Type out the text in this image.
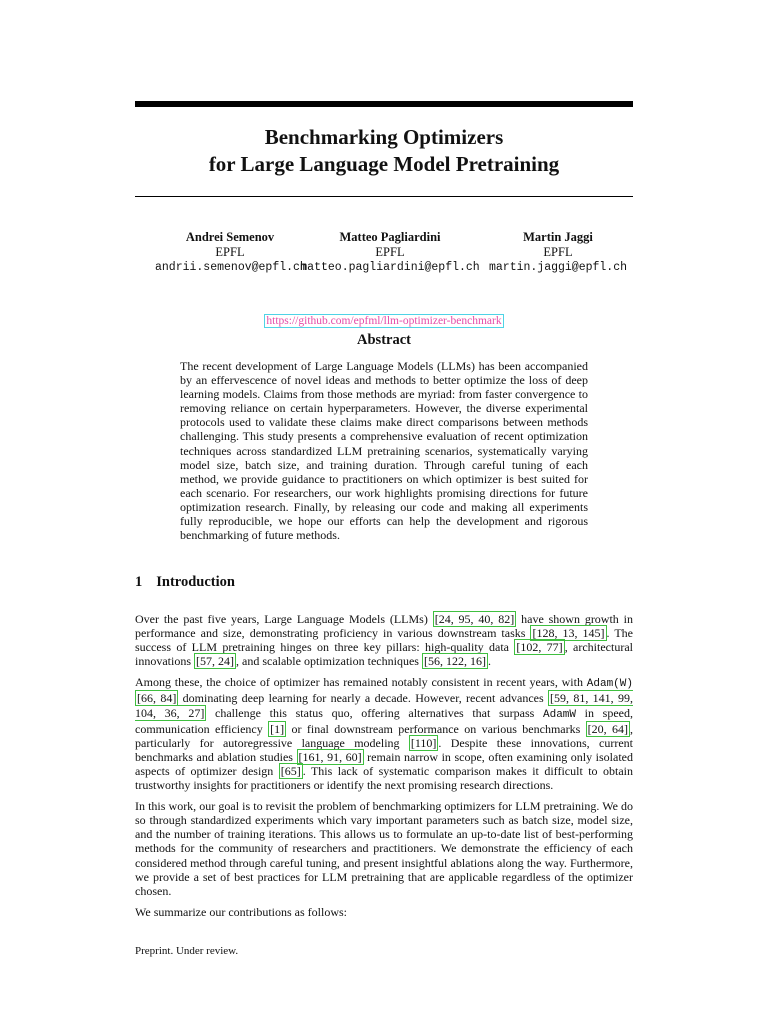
Benchmarking Optimizers
for Large Language Model Pretraining
Andrei Semenov
EPFL
andrii.semenov@epfl.ch
Matteo Pagliardini
EPFL
matteo.pagliardini@epfl.ch
Martin Jaggi
EPFL
martin.jaggi@epfl.ch
https://github.com/epfml/llm-optimizer-benchmark
Abstract
The recent development of Large Language Models (LLMs) has been accompanied by an effervescence of novel ideas and methods to better optimize the loss of deep learning models. Claims from those methods are myriad: from faster convergence to removing reliance on certain hyperparameters. However, the diverse experimental protocols used to validate these claims make direct comparisons between methods challenging. This study presents a comprehensive evaluation of recent optimization techniques across standardized LLM pretraining scenarios, systematically varying model size, batch size, and training duration. Through careful tuning of each method, we provide guidance to practitioners on which optimizer is best suited for each scenario. For researchers, our work highlights promising directions for future optimization research. Finally, by releasing our code and making all experiments fully reproducible, we hope our efforts can help the development and rigorous benchmarking of future methods.
1 Introduction

Over the past five years, Large Language Models (LLMs) [24, 95, 40, 82] have shown growth in performance and size, demonstrating proficiency in various downstream tasks [128, 13, 145] . The success of LLM pretraining hinges on three key pillars: high-quality data [102, 77] , architectural innovations [57, 24] , and scalable optimization techniques [56, 122, 16] .

Among these, the choice of optimizer has remained notably consistent in recent years, with Adam(W) [66, 84] dominating deep learning for nearly a decade. However, recent advances [59, 81, 141, 99, 104, 36, 27] challenge this status quo, offering alternatives that surpass AdamW in speed, communication efficiency [1] or final downstream performance on various benchmarks [20, 64] , particularly for autoregressive language modeling [110] . Despite these innovations, current benchmarks and ablation studies [161, 91, 60] remain narrow in scope, often examining only isolated aspects of optimizer design [65] . This lack of systematic comparison makes it difficult to obtain trustworthy insights for practitioners or identify the next promising research directions.

In this work, our goal is to revisit the problem of benchmarking optimizers for LLM pretraining. We do so through standardized experiments which vary important parameters such as batch size, model size, and the number of training iterations. This allows us to formulate an up-to-date list of best-performing methods for the community of researchers and practitioners. We demonstrate the efficiency of each considered method through careful tuning, and present insightful ablations along the way. Furthermore, we provide a set of best practices for LLM pretraining that are applicable regardless of the optimizer chosen.

We summarize our contributions as follows:

Preprint. Under review.
